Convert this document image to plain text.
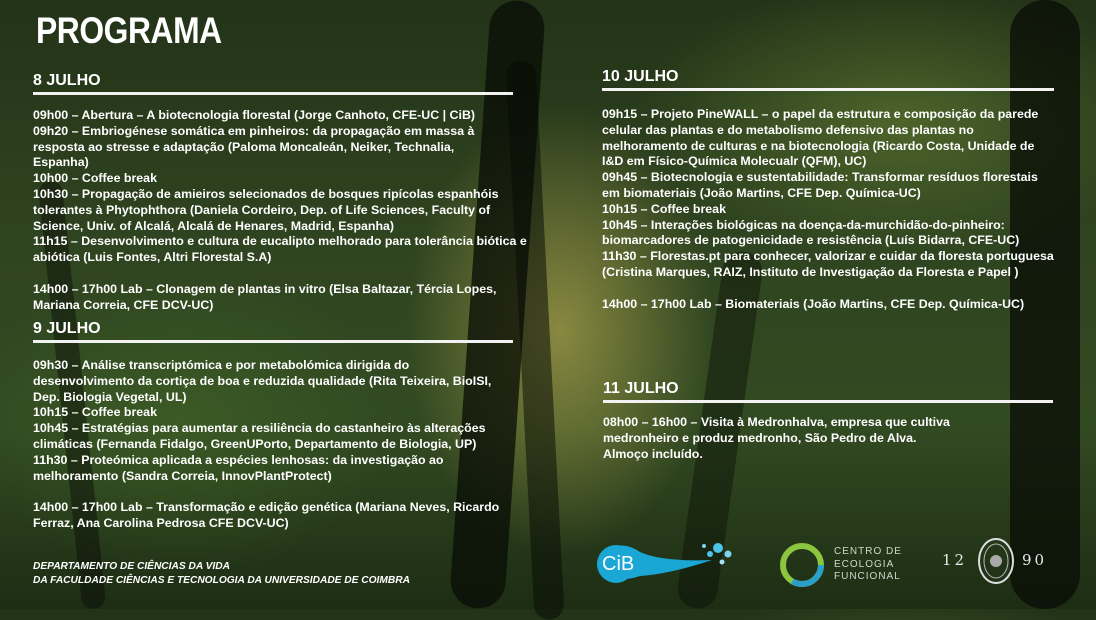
PROGRAMA
8 JULHO

09h00 – Abertura – A biotecnologia florestal (Jorge Canhoto, CFE-UC | CiB)

09h20 – Embriogénese somática em pinheiros: da propagação em massa à resposta ao stresse e adaptação (Paloma Moncaleán, Neiker, Technalia, Espanha)

10h00 – Coffee break

10h30 – Propagação de amieiros selecionados de bosques ripícolas espanhóis tolerantes à Phytophthora (Daniela Cordeiro, Dep. of Life Sciences, Faculty of Science, Univ. of Alcalá, Alcalá de Henares, Madrid, Espanha)

11h15 – Desenvolvimento e cultura de eucalipto melhorado para tolerância biótica e abiótica (Luis Fontes, Altri Florestal S.A)

14h00 – 17h00 Lab – Clonagem de plantas in vitro (Elsa Baltazar, Tércia Lopes, Mariana Correia, CFE DCV-UC)

9 JULHO

09h30 – Análise transcriptómica e por metabolómica dirigida do desenvolvimento da cortiça de boa e reduzida qualidade (Rita Teixeira, BioISI, Dep. Biologia Vegetal, UL)

10h15 – Coffee break

10h45 – Estratégias para aumentar a resiliência do castanheiro às alterações climáticas (Fernanda Fidalgo, GreenUPorto, Departamento de Biologia, UP)

11h30 – Proteómica aplicada a espécies lenhosas: da investigação ao melhoramento (Sandra Correia, InnovPlantProtect)

14h00 – 17h00 Lab – Transformação e edição genética (Mariana Neves, Ricardo Ferraz, Ana Carolina Pedrosa CFE DCV-UC)

10 JULHO

09h15 – Projeto PineWALL – o papel da estrutura e composição da parede celular das plantas e do metabolismo defensivo das plantas no melhoramento de culturas e na biotecnologia (Ricardo Costa, Unidade de I&D em Físico-Química Molecualr (QFM), UC)

09h45 – Biotecnologia e sustentabilidade: Transformar resíduos florestais em biomateriais (João Martins, CFE Dep. Química-UC)

10h15 – Coffee break

10h45 – Interações biológicas na doença-da-murchidão-do-pinheiro: biomarcadores de patogenicidade e resistência (Luís Bidarra, CFE-UC)

11h30 – Florestas.pt para conhecer, valorizar e cuidar da floresta portuguesa (Cristina Marques, RAIZ, Instituto de Investigação da Floresta e Papel )

14h00 – 17h00 Lab – Biomateriais (João Martins, CFE Dep. Química-UC)

11 JULHO

08h00 – 16h00 – Visita à Medronhalva, empresa que cultiva medronheiro e produz medronho, São Pedro de Alva.

Almoço incluído.

DEPARTAMENTO DE CIÊNCIAS DA VIDA
DA FACULDADE CIÊNCIAS E TECNOLOGIA DA UNIVERSIDADE DE COIMBRA
CiB
CENTRO DE
ECOLOGIA
FUNCIONAL
12	90
